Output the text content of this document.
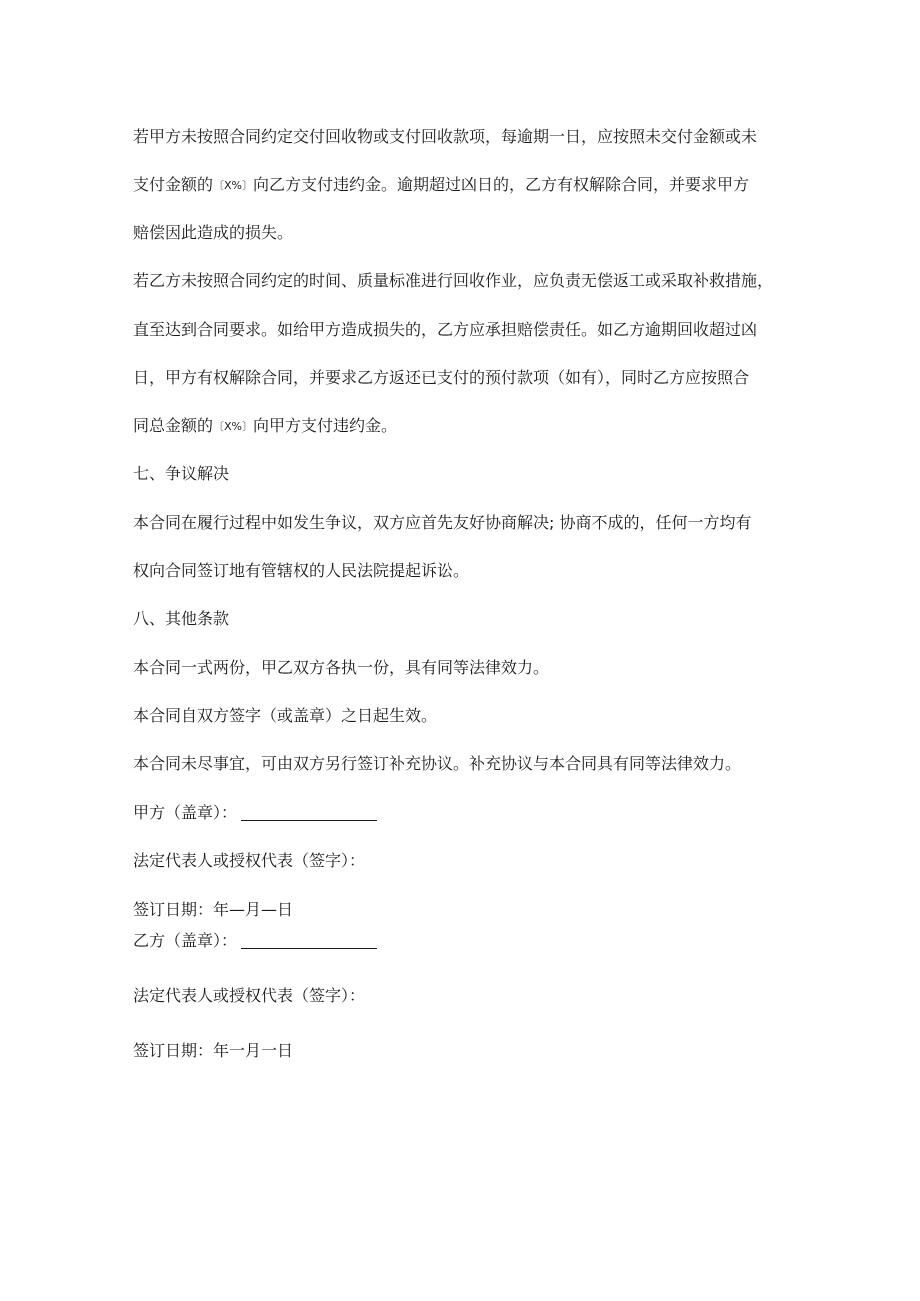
若甲方未按照合同约定交付回收物或支付回收款项，每逾期一日，应按照未交付金额或未
支付金额的〔X%〕向乙方支付违约金。逾期超过凶日的，乙方有权解除合同，并要求甲方
赔偿因此造成的损失。
若乙方未按照合同约定的时间、质量标准进行回收作业，应负责无偿返工或采取补救措施，
直至达到合同要求。如给甲方造成损失的，乙方应承担赔偿责任。如乙方逾期回收超过凶
日，甲方有权解除合同，并要求乙方返还已支付的预付款项（如有），同时乙方应按照合
同总金额的〔X%〕向甲方支付违约金。
七、争议解决
本合同在履行过程中如发生争议，双方应首先友好协商解决; 协商不成的，任何一方均有
权向合同签订地有管辖权的人民法院提起诉讼。
八、其他条款
本合同一式两份，甲乙双方各执一份，具有同等法律效力。
本合同自双方签字（或盖章）之日起生效。
本合同未尽事宜，可由双方另行签订补充协议。补充协议与本合同具有同等法律效力。
甲方（盖章）：
法定代表人或授权代表（签字）：
签订日期：年—月—日
乙方（盖章）：
法定代表人或授权代表（签字）：
签订日期：年一月一日
